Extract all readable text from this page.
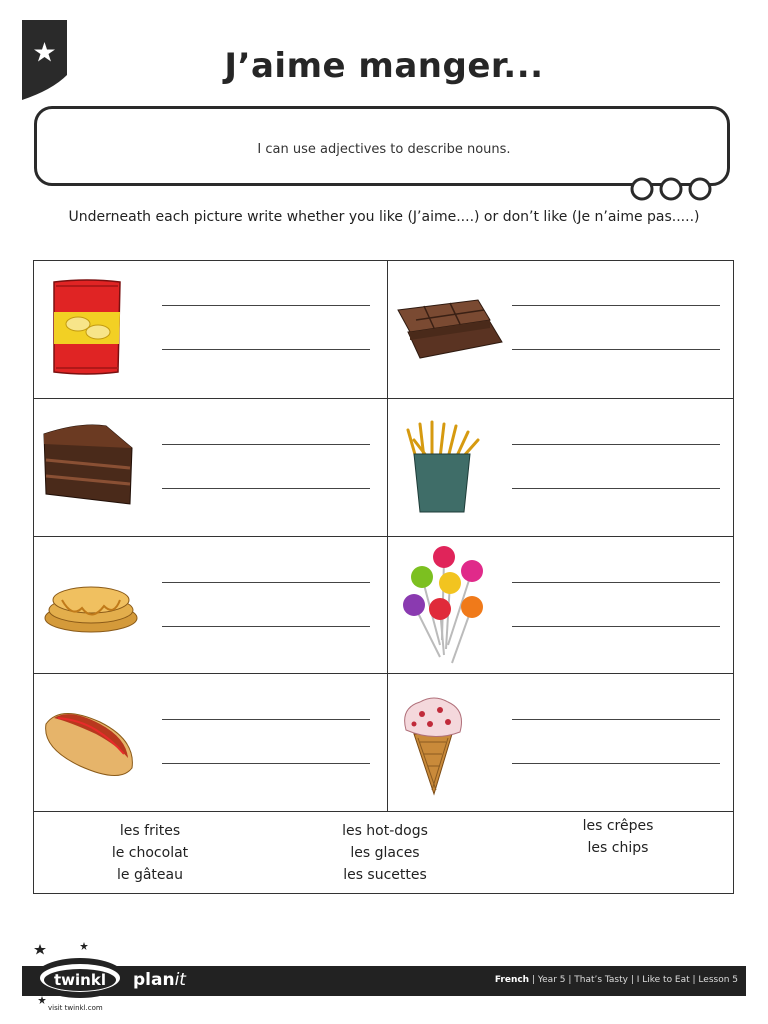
J’aime manger...
I can use adjectives to describe nouns.
Underneath each picture write whether you like (J’aime....) or don’t like (Je n’aime pas.....)
les frites
le chocolat
le gâteau
les hot-dogs
les glaces
les sucettes
les crêpes
les chips
twinkl
visit twinkl.com
planit	French | Year 5 | That’s Tasty | I Like to Eat | Lesson 5
